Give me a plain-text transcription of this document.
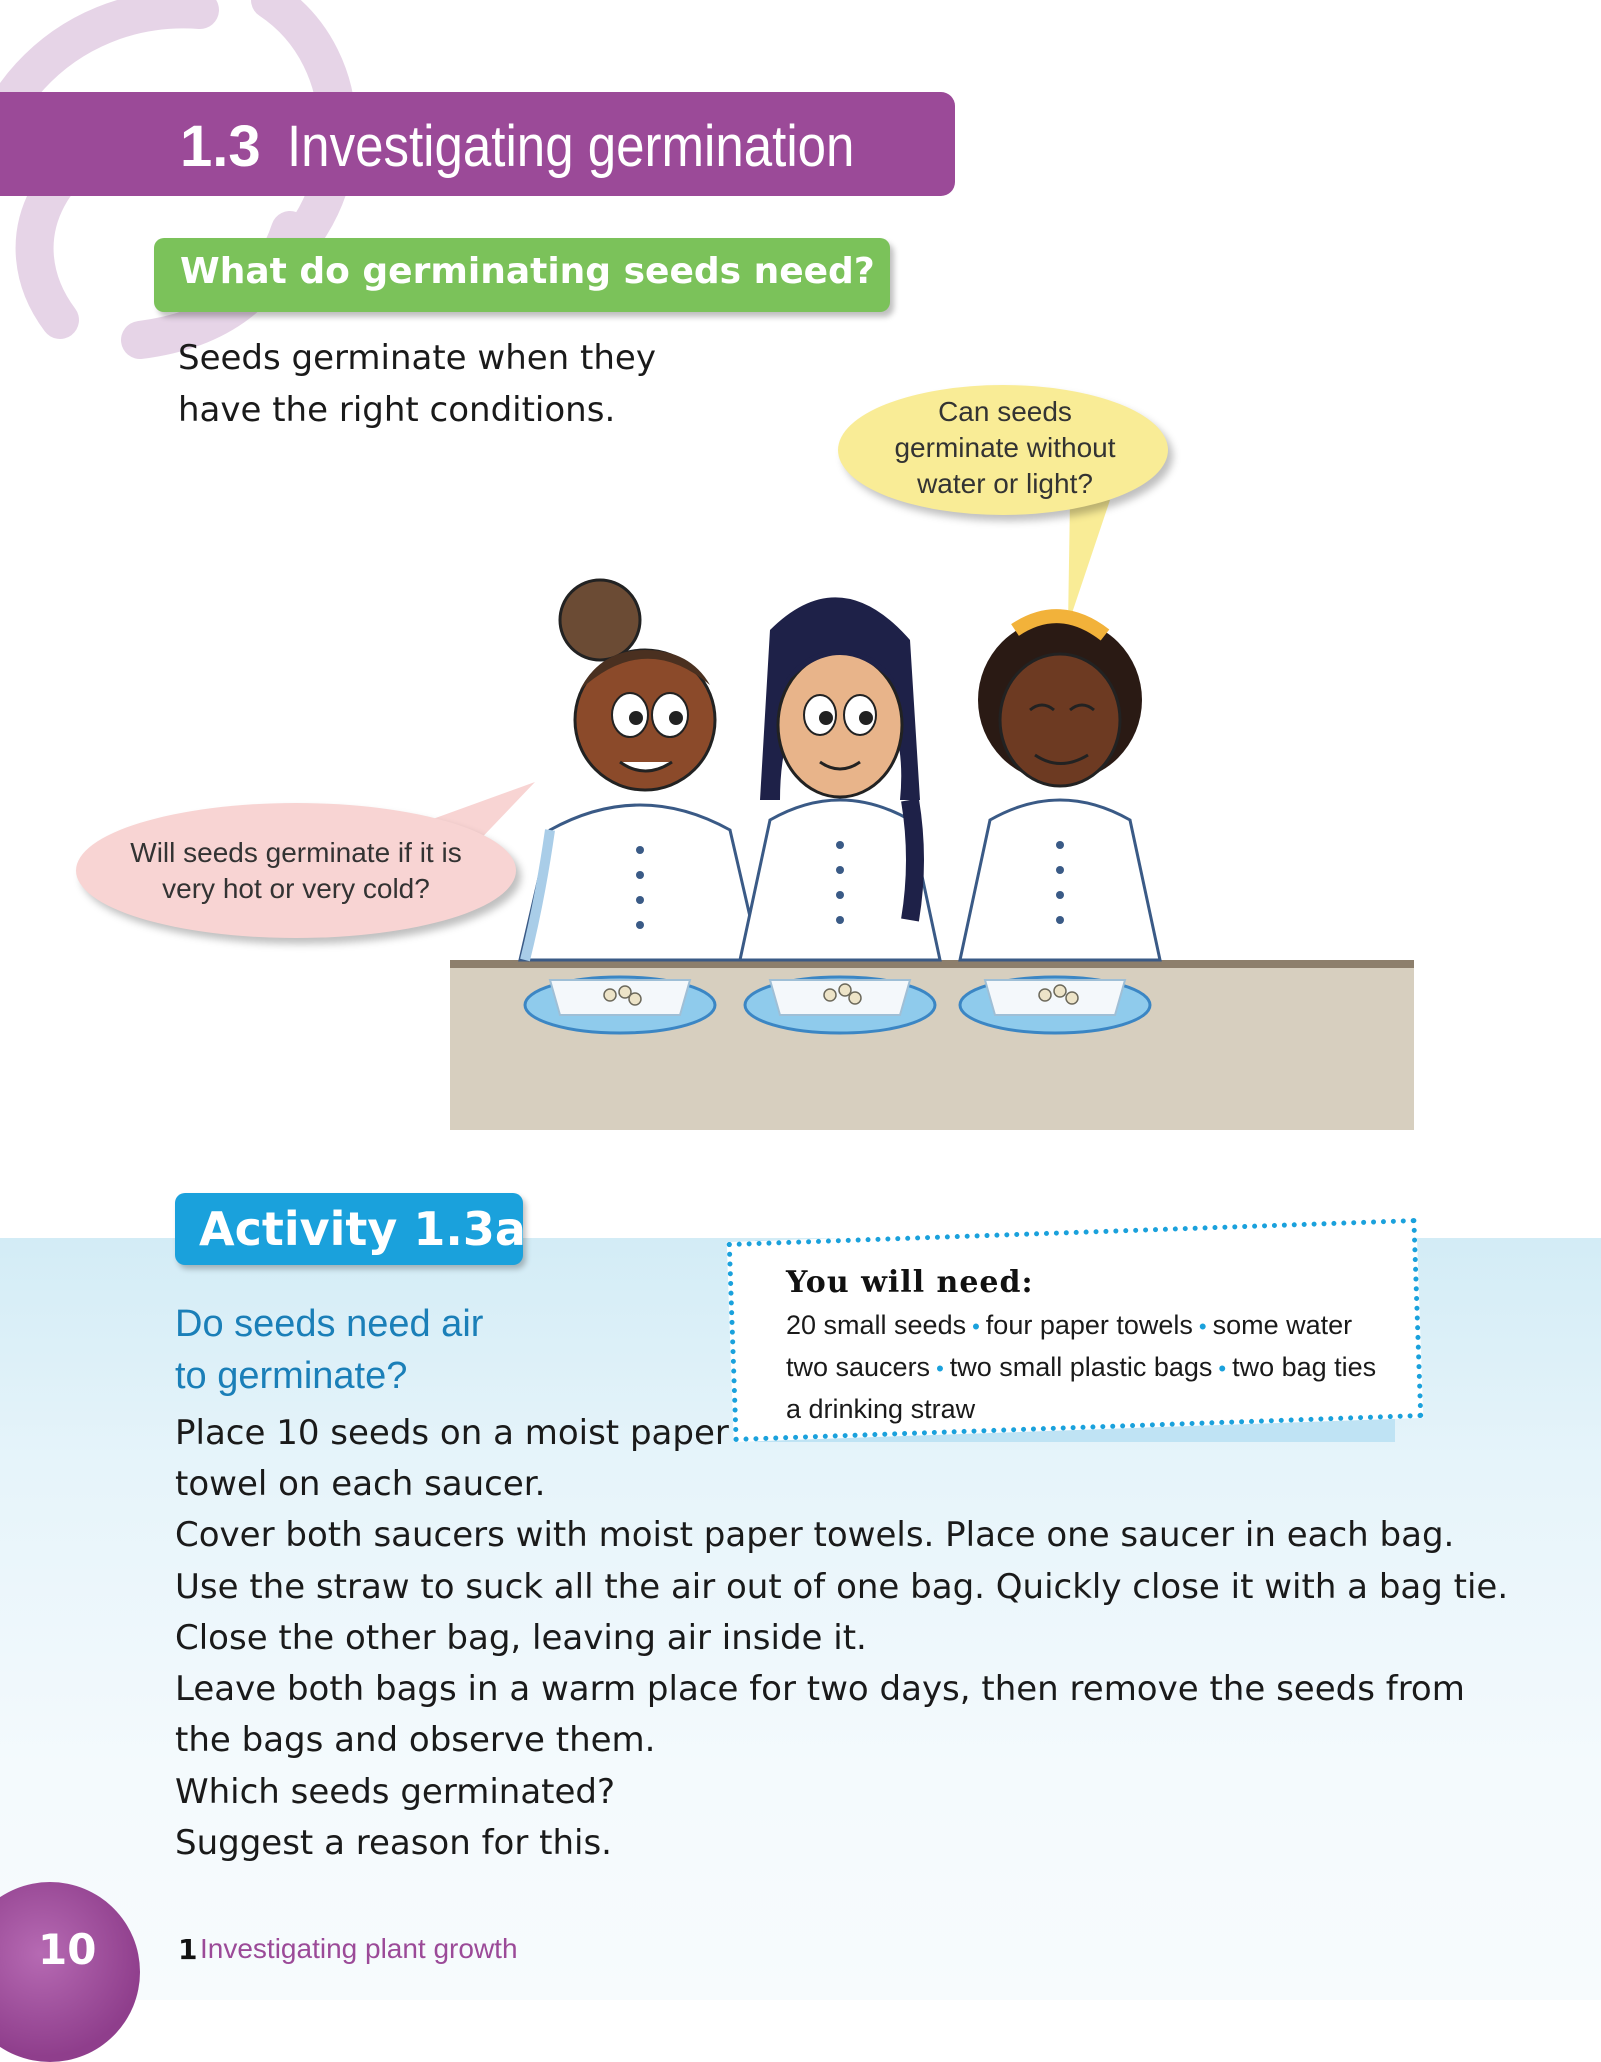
1.3 Investigating germination
What do germinating seeds need?
Seeds germinate when they
have the right conditions.	Can seeds
germinate without
water or light?
Will seeds germinate if it is
very hot or very cold?
Activity 1.3a
Do seeds need air
to germinate?
You will need:
20 small seeds • four paper towels • some water
two saucers • two small plastic bags • two bag ties
a drinking straw
Place 10 seeds on a moist paper
towel on each saucer.
Cover both saucers with moist paper towels. Place one saucer in each bag.
Use the straw to suck all the air out of one bag. Quickly close it with a bag tie.
Close the other bag, leaving air inside it.
Leave both bags in a warm place for two days, then remove the seeds from
the bags and observe them.
Which seeds germinated?
Suggest a reason for this.
10	1 Investigating plant growth
